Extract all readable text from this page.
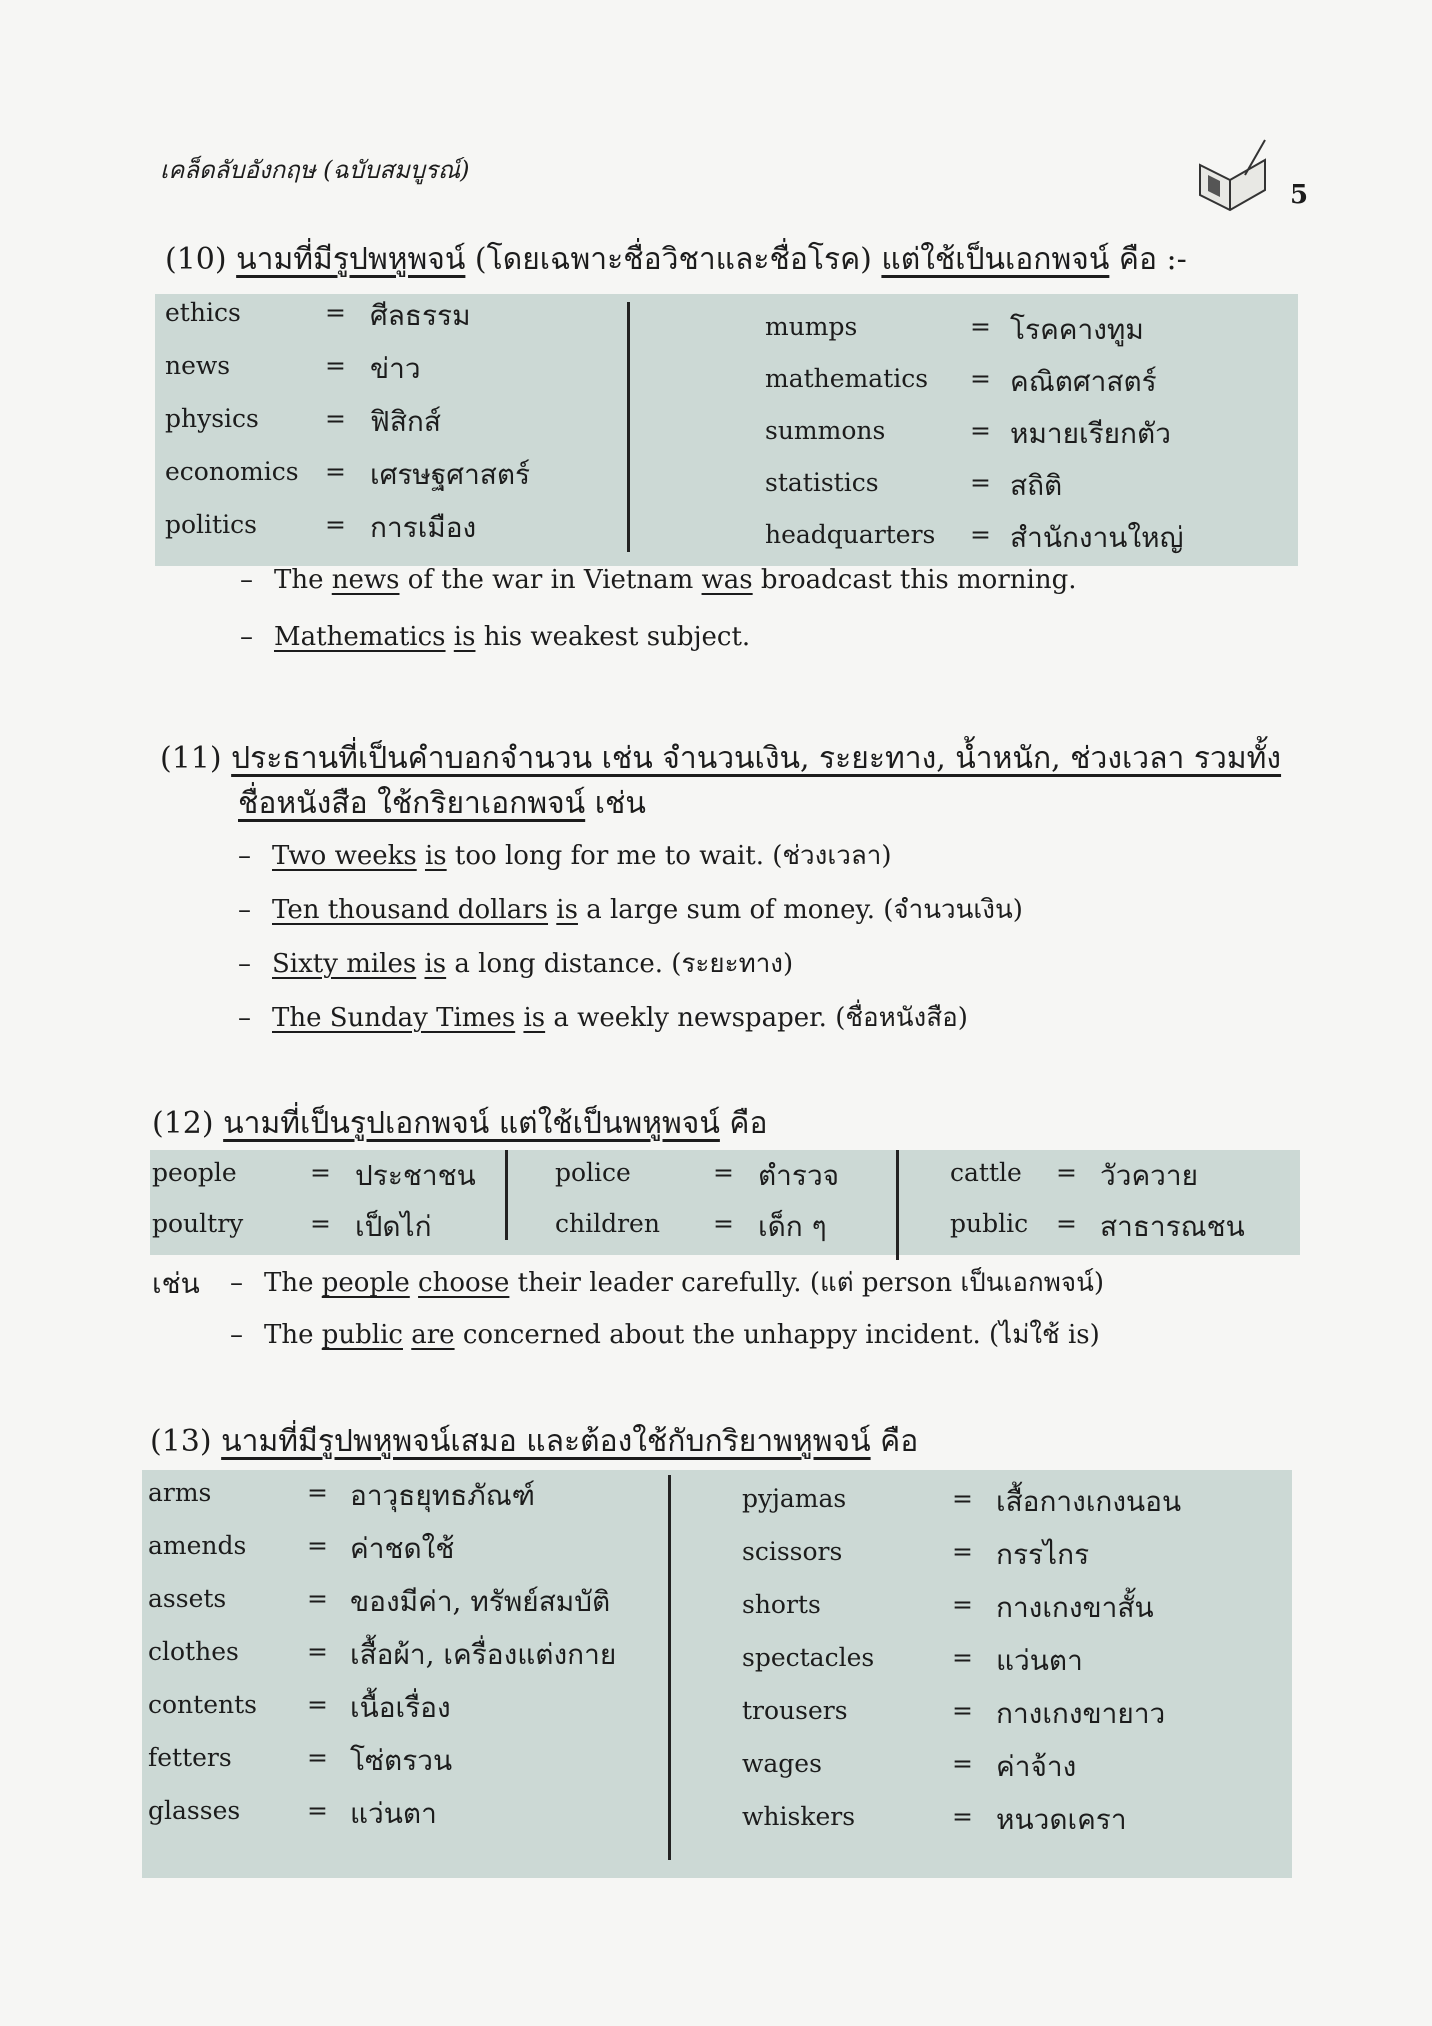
เคล็ดลับอังกฤษ (ฉบับสมบูรณ์)
5
(10) นามที่มีรูปพหูพจน์ (โดยเฉพาะชื่อวิชาและชื่อโรค) แต่ใช้เป็นเอกพจน์ คือ :-
ethics	= ศีลธรรม
news	= ข่าว
physics	= ฟิสิกส์
economics = เศรษฐศาสตร์
politics	= การเมือง
mumps	= โรคคางทูม
mathematics = คณิตศาสตร์
summons	= หมายเรียกตัว
statistics	= สถิติ
headquarters = สำนักงานใหญ่
– The news of the war in Vietnam was broadcast this morning.
– Mathematics is his weakest subject.
(11) ประธานที่เป็นคำบอกจำนวน เช่น จำนวนเงิน, ระยะทาง, น้ำหนัก, ช่วงเวลา รวมทั้ง
ชื่อหนังสือ ใช้กริยาเอกพจน์ เช่น
– Two weeks is too long for me to wait. (ช่วงเวลา)
– Ten thousand dollars is a large sum of money. (จำนวนเงิน)
– Sixty miles is a long distance. (ระยะทาง)
– The Sunday Times is a weekly newspaper. (ชื่อหนังสือ)
(12) นามที่เป็นรูปเอกพจน์ แต่ใช้เป็นพหูพจน์ คือ
people	= ประชาชน	police	= ตำรวจ	cattle = วัวควาย
poultry	= เป็ดไก่	children = เด็ก ๆ	public = สาธารณชน
เช่น – The people choose their leader carefully. (แต่ person เป็นเอกพจน์)
– The public are concerned about the unhappy incident. (ไม่ใช้ is)
(13) นามที่มีรูปพหูพจน์เสมอ และต้องใช้กับกริยาพหูพจน์ คือ
arms	= อาวุธยุทธภัณฑ์
amends = ค่าชดใช้
assets	= ของมีค่า, ทรัพย์สมบัติ
clothes	= เสื้อผ้า, เครื่องแต่งกาย
contents = เนื้อเรื่อง
fetters	= โซ่ตรวน
glasses	= แว่นตา
pyjamas	= เสื้อกางเกงนอน
scissors	= กรรไกร
shorts	= กางเกงขาสั้น
spectacles	= แว่นตา
trousers	= กางเกงขายาว
wages	= ค่าจ้าง
whiskers	= หนวดเครา
